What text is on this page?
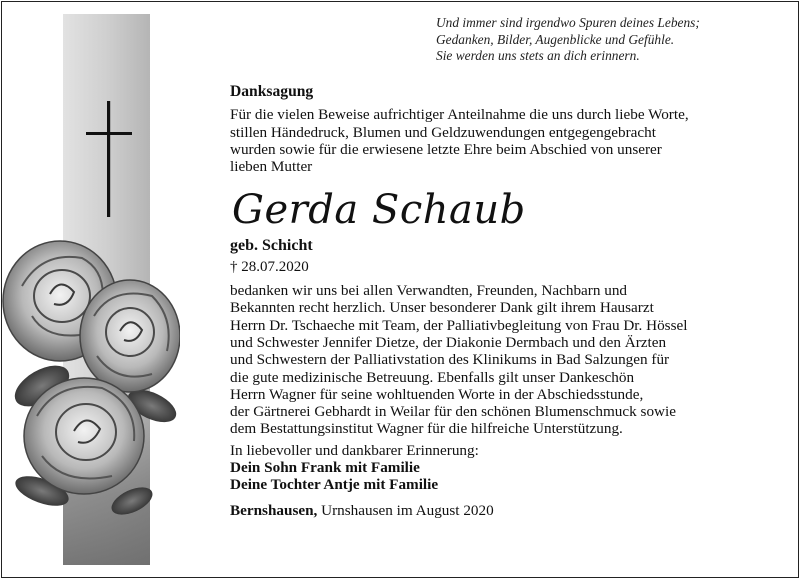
Und immer sind irgendwo Spuren deines Lebens;
Gedanken, Bilder, Augenblicke und Gefühle.
Sie werden uns stets an dich erinnern.
Danksagung
Für die vielen Beweise aufrichtiger Anteilnahme die uns durch liebe Worte,
stillen Händedruck, Blumen und Geldzuwendungen entgegengebracht
wurden sowie für die erwiesene letzte Ehre beim Abschied von unserer
lieben Mutter
Gerda Schaub
geb. Schicht
† 28.07.2020
bedanken wir uns bei allen Verwandten, Freunden, Nachbarn und
Bekannten recht herzlich. Unser besonderer Dank gilt ihrem Hausarzt
Herrn Dr. Tschaeche mit Team, der Palliativbegleitung von Frau Dr. Hössel
und Schwester Jennifer Dietze, der Diakonie Dermbach und den Ärzten
und Schwestern der Palliativstation des Klinikums in Bad Salzungen für
die gute medizinische Betreuung. Ebenfalls gilt unser Dankeschön
Herrn Wagner für seine wohltuenden Worte in der Abschiedsstunde,
der Gärtnerei Gebhardt in Weilar für den schönen Blumenschmuck sowie
dem Bestattungsinstitut Wagner für die hilfreiche Unterstützung.
In liebevoller und dankbarer Erinnerung:
Dein Sohn Frank mit Familie
Deine Tochter Antje mit Familie
Bernshausen, Urnshausen im August 2020
